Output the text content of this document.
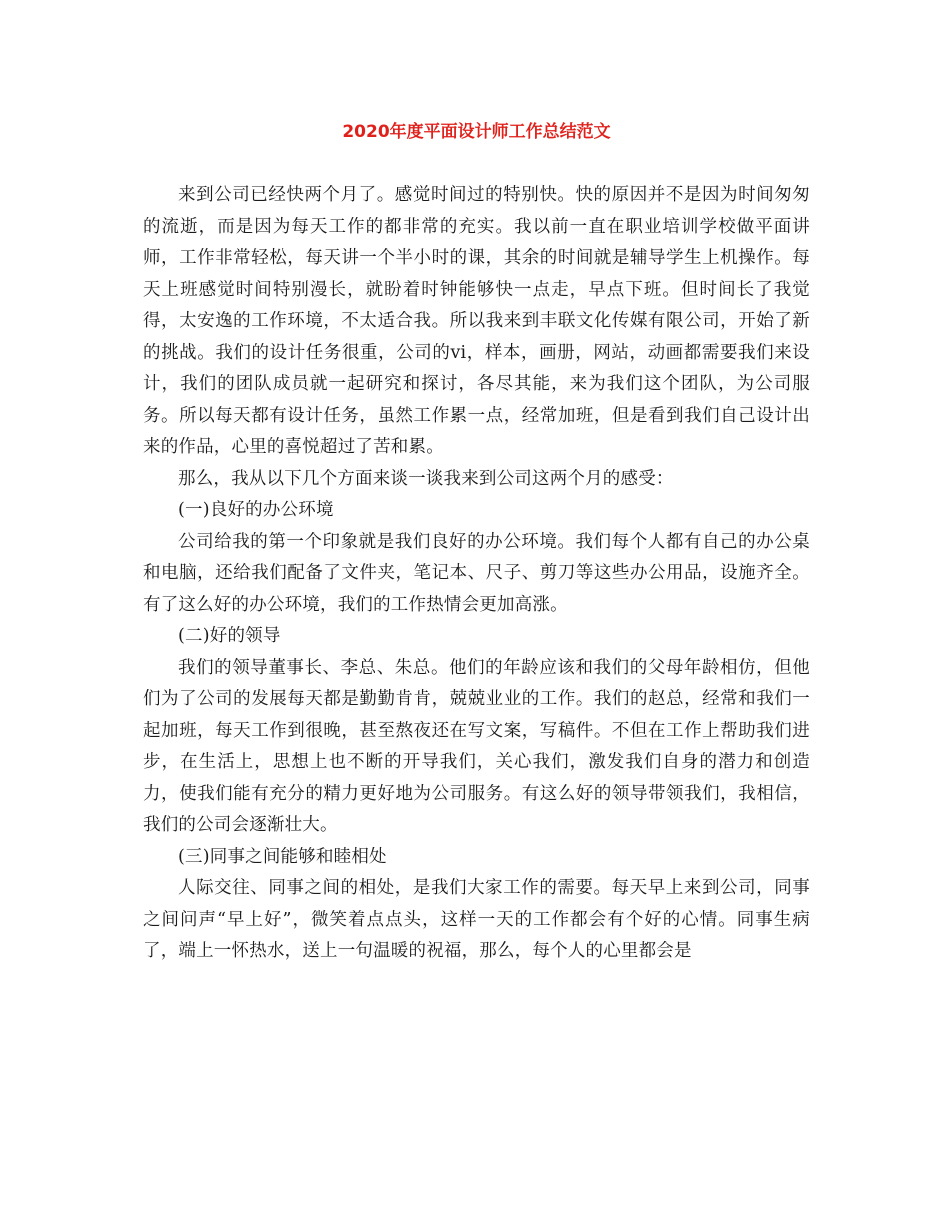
2020年度平面设计师工作总结范文

来到公司已经快两个月了。感觉时间过的特别快。快的原因并不是因为时间匆匆的流逝，而是因为每天工作的都非常的充实。我以前一直在职业培训学校做平面讲师，工作非常轻松，每天讲一个半小时的课，其余的时间就是辅导学生上机操作。每天上班感觉时间特别漫长，就盼着时钟能够快一点走，早点下班。但时间长了我觉得，太安逸的工作环境，不太适合我。所以我来到丰联文化传媒有限公司，开始了新的挑战。我们的设计任务很重，公司的vi，样本，画册，网站，动画都需要我们来设计，我们的团队成员就一起研究和探讨，各尽其能，来为我们这个团队，为公司服务。所以每天都有设计任务，虽然工作累一点，经常加班，但是看到我们自己设计出来的作品，心里的喜悦超过了苦和累。

那么，我从以下几个方面来谈一谈我来到公司这两个月的感受：

(一)良好的办公环境

公司给我的第一个印象就是我们良好的办公环境。我们每个人都有自己的办公桌和电脑，还给我们配备了文件夹，笔记本、尺子、剪刀等这些办公用品，设施齐全。有了这么好的办公环境，我们的工作热情会更加高涨。

(二)好的领导

我们的领导董事长、李总、朱总。他们的年龄应该和我们的父母年龄相仿，但他们为了公司的发展每天都是勤勤肯肯，兢兢业业的工作。我们的赵总，经常和我们一起加班，每天工作到很晚，甚至熬夜还在写文案，写稿件。不但在工作上帮助我们进步，在生活上，思想上也不断的开导我们，关心我们，激发我们自身的潜力和创造力，使我们能有充分的精力更好地为公司服务。有这么好的领导带领我们，我相信，我们的公司会逐渐壮大。

(三)同事之间能够和睦相处

人际交往、同事之间的相处，是我们大家工作的需要。每天早上来到公司，同事之间问声“早上好”，微笑着点点头，这样一天的工作都会有个好的心情。同事生病了，端上一怀热水，送上一句温暖的祝福，那么，每个人的心里都会是
